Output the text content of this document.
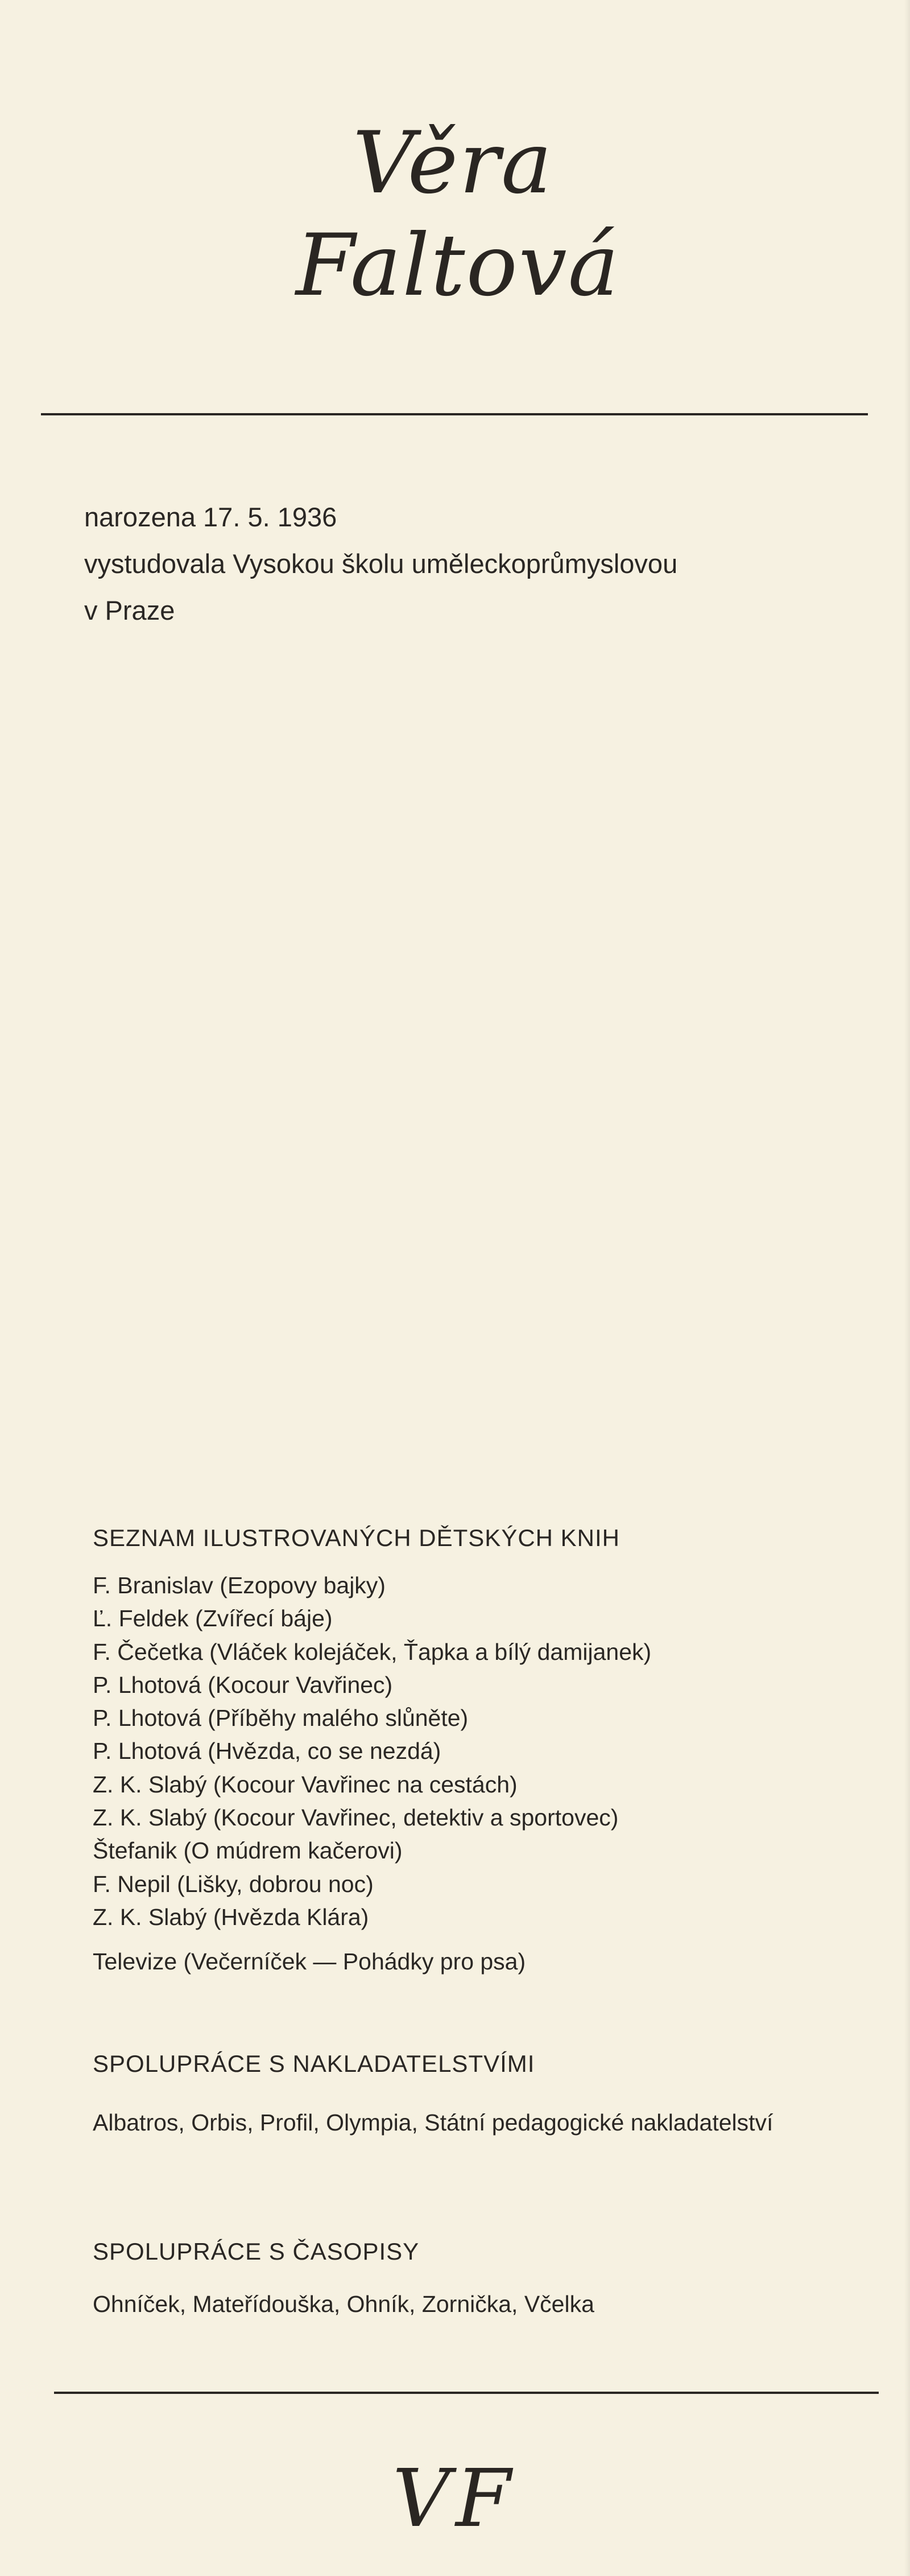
Věra
Faltová

narozena 17. 5. 1936

vystudovala Vysokou školu uměleckoprůmyslovou

v Praze

SEZNAM ILUSTROVANÝCH DĚTSKÝCH KNIH
F. Branislav (Ezopovy bajky)
Ľ. Feldek (Zvířecí báje)
F. Čečetka (Vláček kolejáček, Ťapka a bílý damijanek)
P. Lhotová (Kocour Vavřinec)
P. Lhotová (Příběhy malého slůněte)
P. Lhotová (Hvězda, co se nezdá)
Z. K. Slabý (Kocour Vavřinec na cestách)
Z. K. Slabý (Kocour Vavřinec, detektiv a sportovec)
Štefanik (O múdrem kačerovi)
F. Nepil (Lišky, dobrou noc)
Z. K. Slabý (Hvězda Klára)
Televize (Večerníček — Pohádky pro psa)
SPOLUPRÁCE S NAKLADATELSTVÍMI

Albatros, Orbis, Profil, Olympia, Státní pedagogické nakladatelství

SPOLUPRÁCE S ČASOPISY

Ohníček, Mateřídouška, Ohník, Zornička, Včelka

VF
